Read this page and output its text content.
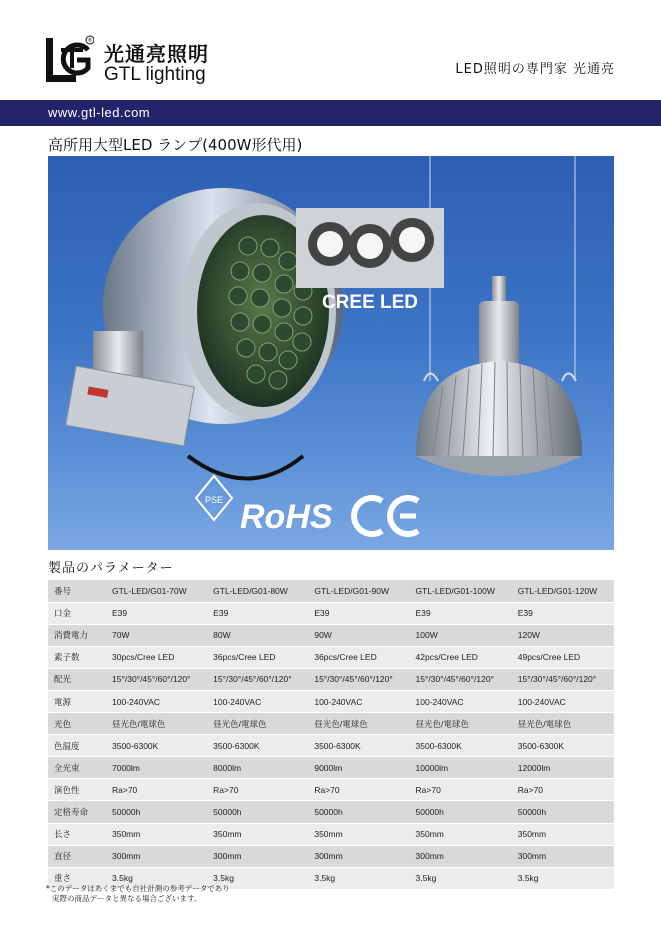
®
光通亮照明
GTL lighting	LED照明の専門家 光通亮
www.gtl-led.com
高所用大型LED ランプ(400W形代用)
CREE LED
PSE RoHS
製品のパラメーター
番号	GTL-LED/G01-70W	GTL-LED/G01-80W	GTL-LED/G01-90W	GTL-LED/G01-100W	GTL-LED/G01-120W
口金	E39	E39	E39	E39	E39
消費電力	70W	80W	90W	100W	120W
素子数	30pcs/Cree LED	36pcs/Cree LED	36pcs/Cree LED	42pcs/Cree LED	49pcs/Cree LED
配光	15°/30°/45°/60°/120°	15°/30°/45°/60°/120°	15°/30°/45°/60°/120°	15°/30°/45°/60°/120°	15°/30°/45°/60°/120°
電源	100-240VAC	100-240VAC	100-240VAC	100-240VAC	100-240VAC
光色	昼光色/電球色	昼光色/電球色	昼光色/電球色	昼光色/電球色	昼光色/電球色
色温度	3500-6300K	3500-6300K	3500-6300K	3500-6300K	3500-6300K
全光束	7000lm	8000lm	9000lm	10000lm	12000lm
演色性	Ra>70	Ra>70	Ra>70	Ra>70	Ra>70
定格寿命	50000h	50000h	50000h	50000h	50000h
长さ	350mm	350mm	350mm	350mm	350mm
直径	300mm	300mm	300mm	300mm	300mm
重さ	3.5kg	3.5kg	3.5kg	3.5kg	3.5kg
*このデータはあくまでも自社計測の参考データであり
実際の商品データと異なる場合ございます。
